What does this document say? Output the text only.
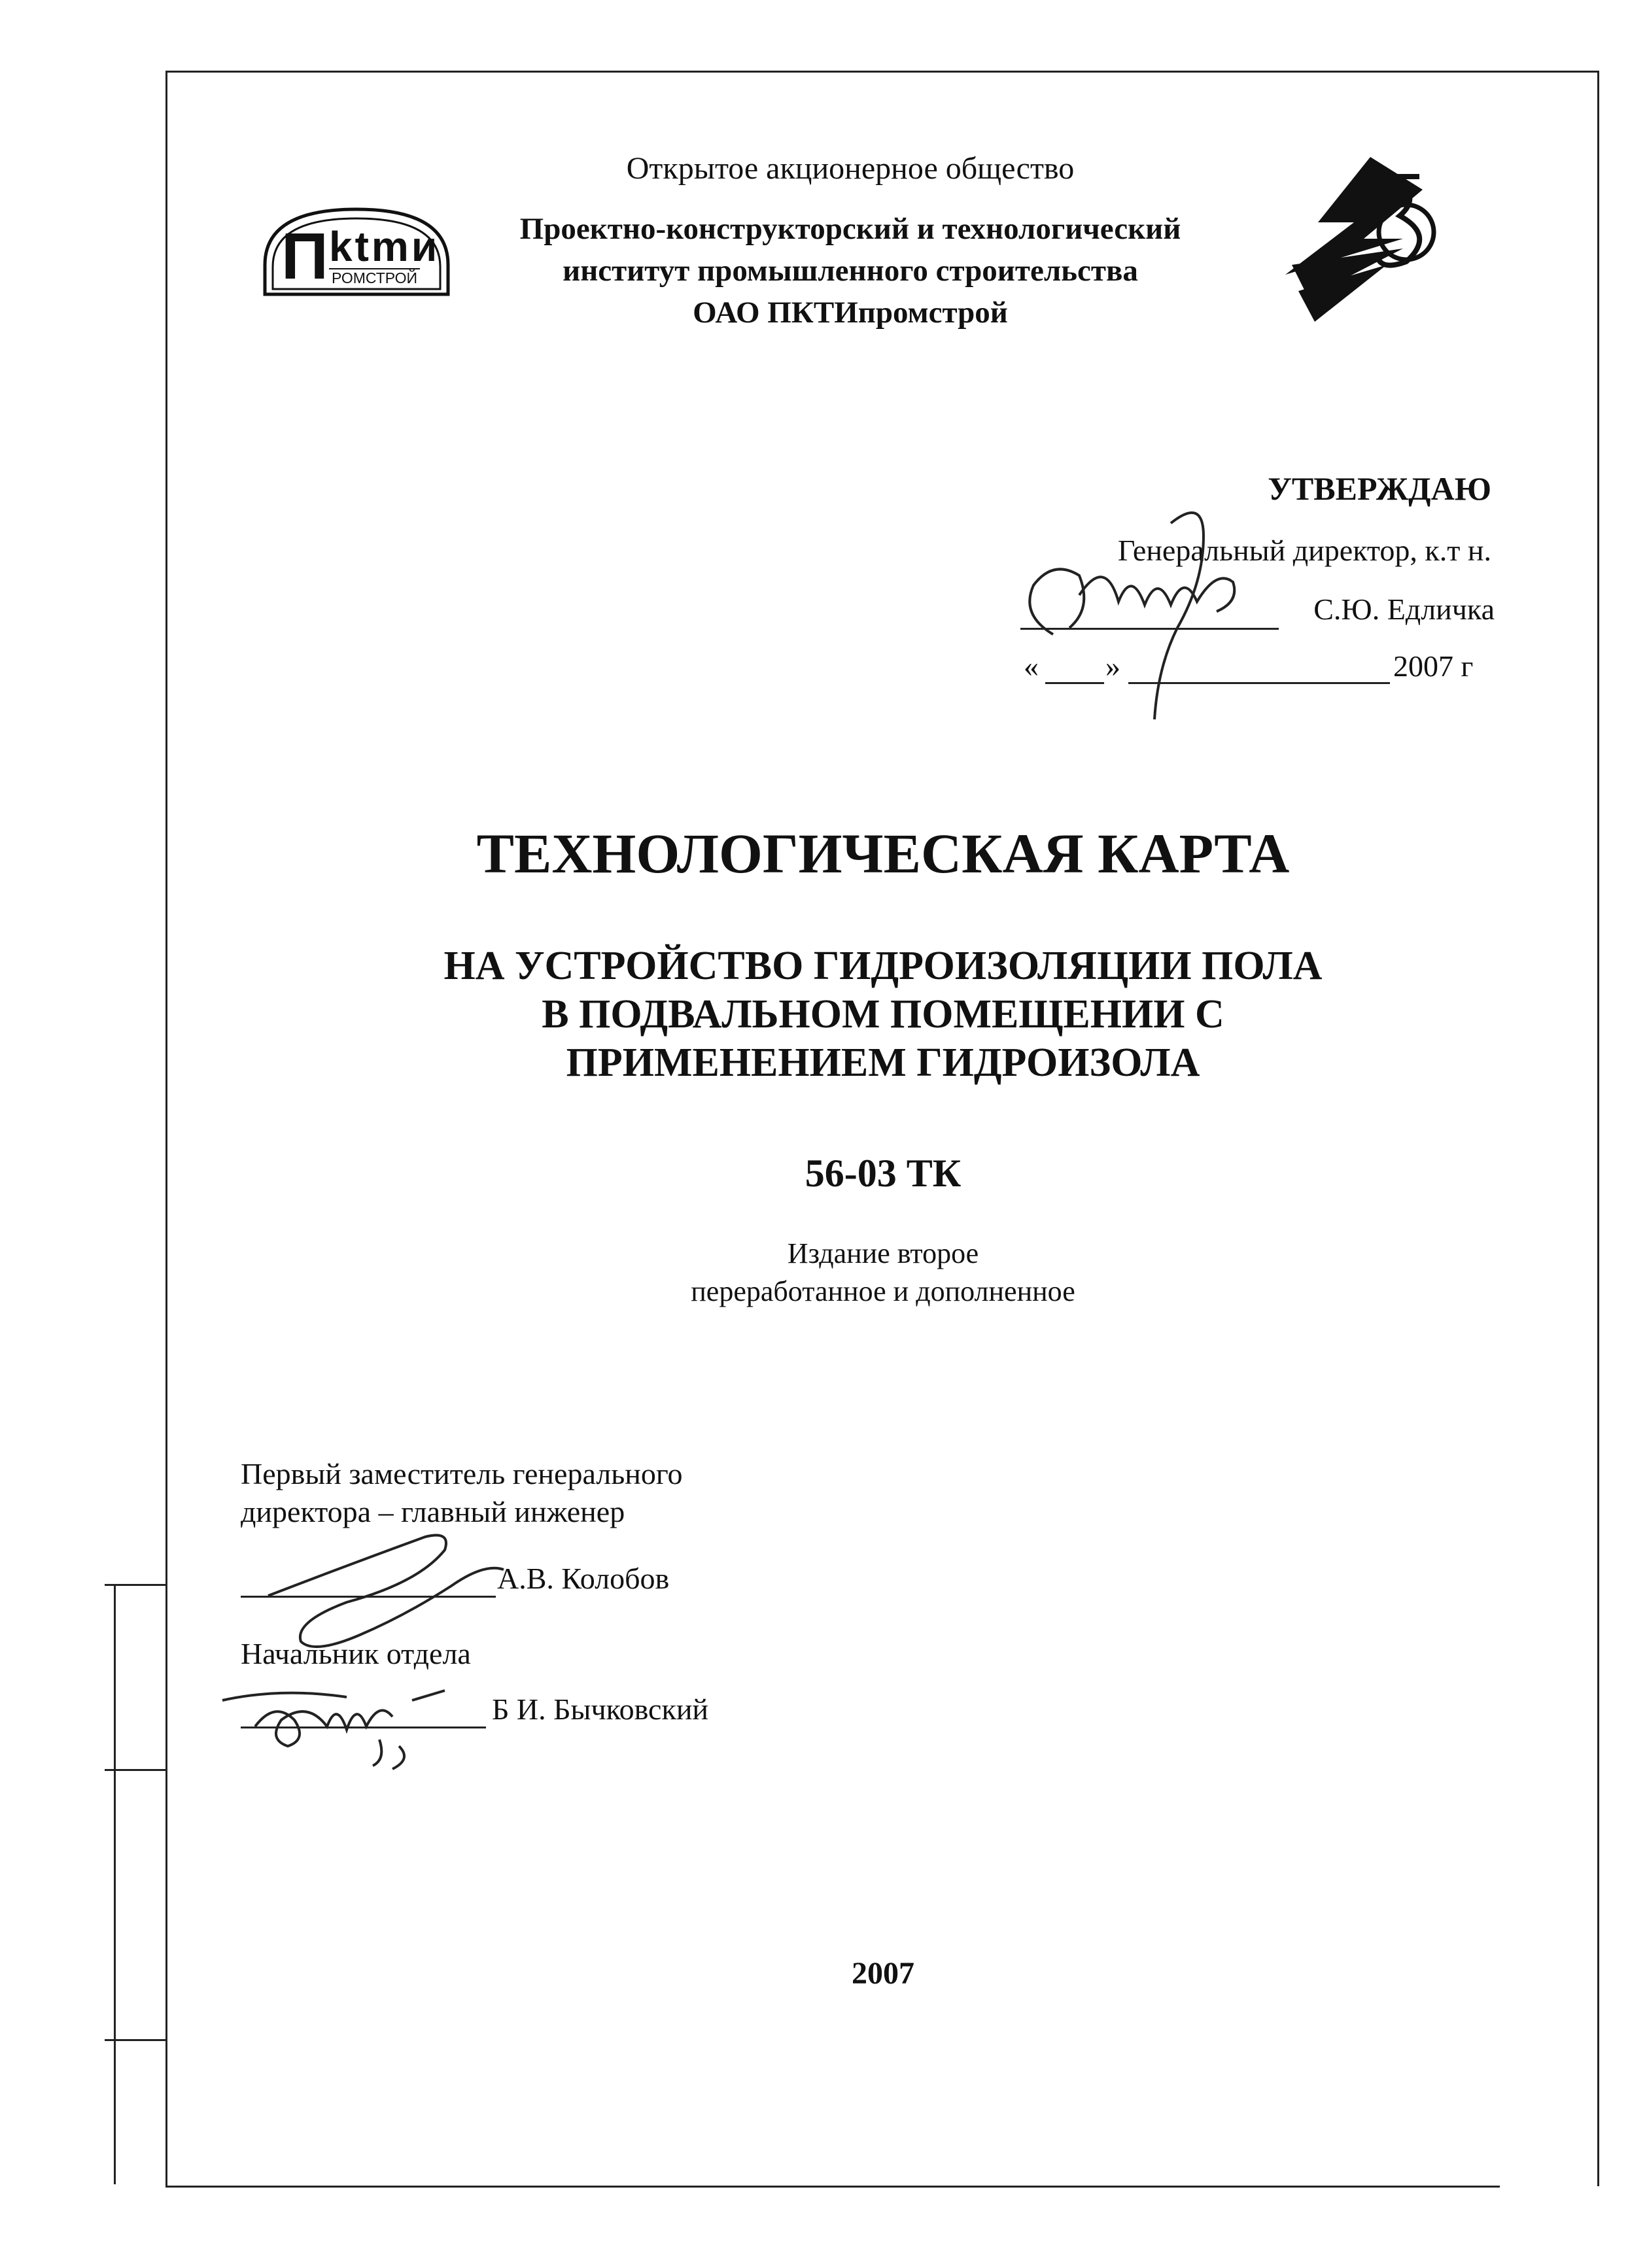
П ktmи
РОМСТРОЙ
Открытое акционерное общество
Проектно-конструкторский и технологический
институт промышленного строительства
ОАО ПКТИпромстрой
УТВЕРЖДАЮ
Генеральный директор, к.т н.
С.Ю. Едличка
« »	2007 г
ТЕХНОЛОГИЧЕСКАЯ КАРТА
НА УСТРОЙСТВО ГИДРОИЗОЛЯЦИИ ПОЛА
В ПОДВАЛЬНОМ ПОМЕЩЕНИИ С
ПРИМЕНЕНИЕМ ГИДРОИЗОЛА
56-03 ТК
Издание второе
переработанное и дополненное
Первый заместитель генерального
директора – главный инженер
А.В. Колобов
Начальник отдела
Б И. Бычковский
2007
